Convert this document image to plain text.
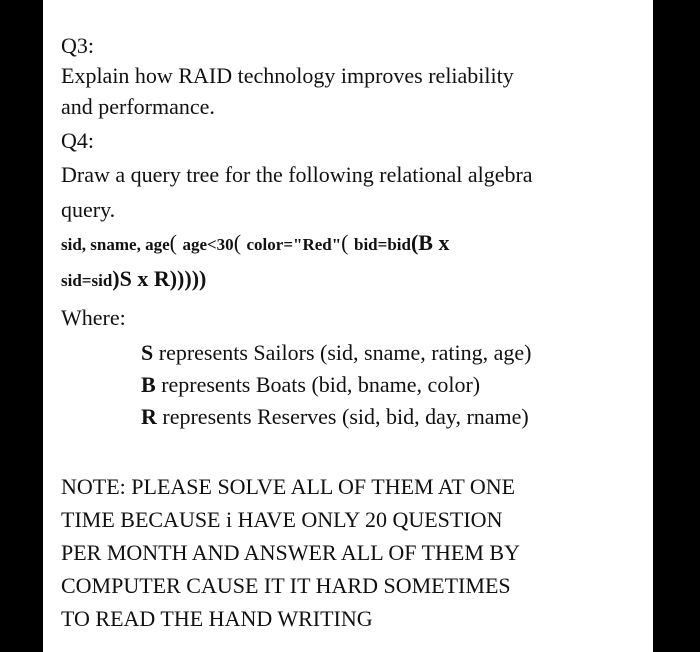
Q3:
Explain how RAID technology improves reliability
and performance.
Q4:
Draw a query tree for the following relational algebra
query.
sid, sname, age( age<30( color="Red"( bid=bid(B x
sid=sid)S x R)))))
Where:
S represents Sailors (sid, sname, rating, age)
B represents Boats (bid, bname, color)
R represents Reserves (sid, bid, day, rname)
NOTE: PLEASE SOLVE ALL OF THEM AT ONE
TIME BECAUSE i HAVE ONLY 20 QUESTION
PER MONTH AND ANSWER ALL OF THEM BY
COMPUTER CAUSE IT IT HARD SOMETIMES
TO READ THE HAND WRITING
